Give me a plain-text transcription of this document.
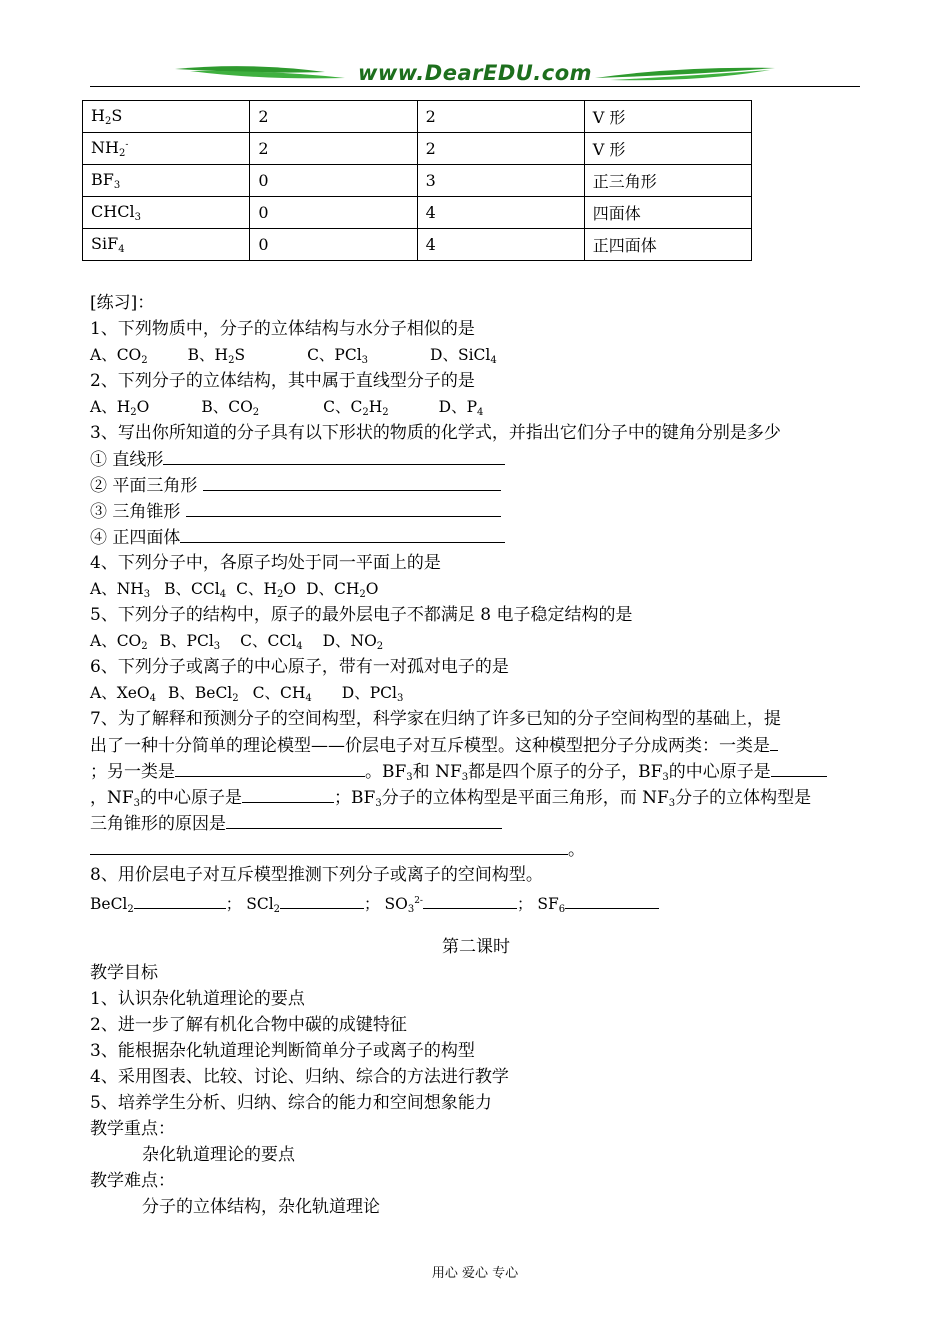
www.DearEDU.com
$H_2S$	2	2	V 形
$NH_2^-$	2	2	V 形
$BF_3$	0	3	正三角形
CHCl$_3$	0	4	四面体
SiF$_4$	0	4	正四面体
[练习]：
1、下列物质中，分子的立体结构与水分子相似的是
A、$CO_2$	B、$H_2S$	C、PCl$_3$	D、SiCl$_4$
2、下列分子的立体结构，其中属于直线型分子的是
A、$H_2O$	B、$CO_2$	C、$C_2H_2$	D、$P_4$
3、写出你所知道的分子具有以下形状的物质的化学式，并指出它们分子中的键角分别是多少
① 直线形
② 平面三角形
③ 三角锥形
④ 正四面体
4、下列分子中，各原子均处于同一平面上的是
A、$NH_3$ B、CCl$_4$ C、$H_2O$ D、$CH_2O$
5、下列分子的结构中，原子的最外层电子不都满足 8 电子稳定结构的是
A、$CO_2$ B、PCl$_3$ C、CCl$_4$ D、$NO_2$
6、下列分子或离子的中心原子，带有一对孤对电子的是
A、XeO$_4$ B、BeCl$_2$ C、$CH_4$ D、PCl$_3$
7、为了解释和预测分子的空间构型，科学家在归纳了许多已知的分子空间构型的基础上，提
出了一种十分简单的理论模型——价层电子对互斥模型。这种模型把分子分成两类：一类是
；另一类是	。$BF_3$和 $NF_3$都是四个原子的分子，$BF_3$的中心原子是
，$NF_3$的中心原子是	；$BF_3$分子的立体构型是平面三角形，而 $NF_3$分子的立体构型是
三角锥形的原因是
。
8、用价层电子对互斥模型推测下列分子或离子的空间构型。
BeCl$_2$	； SCl$_2$	； $SO_3^{2-}$	； $SF_6$
第二课时
教学目标
1、认识杂化轨道理论的要点
2、进一步了解有机化合物中碳的成键特征
3、能根据杂化轨道理论判断简单分子或离子的构型
4、采用图表、比较、讨论、归纳、综合的方法进行教学
5、培养学生分析、归纳、综合的能力和空间想象能力
教学重点：
杂化轨道理论的要点
教学难点：
分子的立体结构，杂化轨道理论
用心 爱心 专心
